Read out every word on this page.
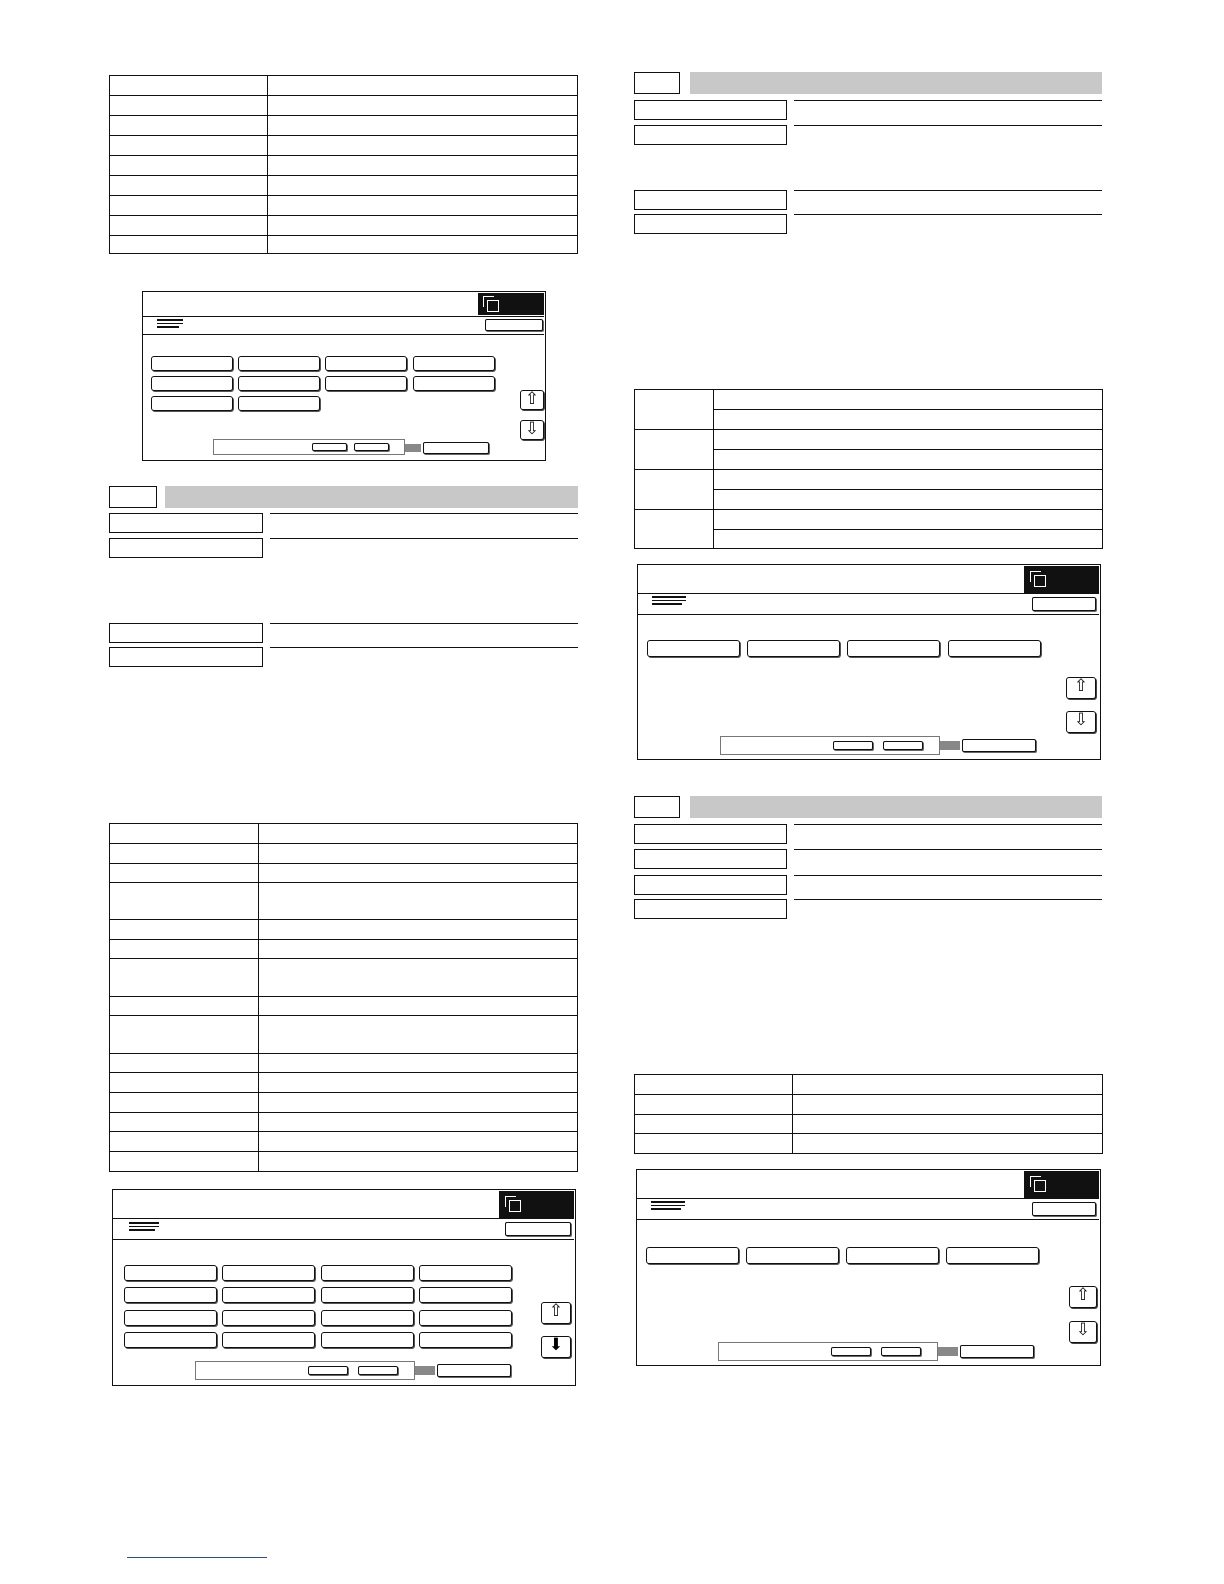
⇧
⇩

⇧
⬇

⇧
⇩

⇧
⇩
